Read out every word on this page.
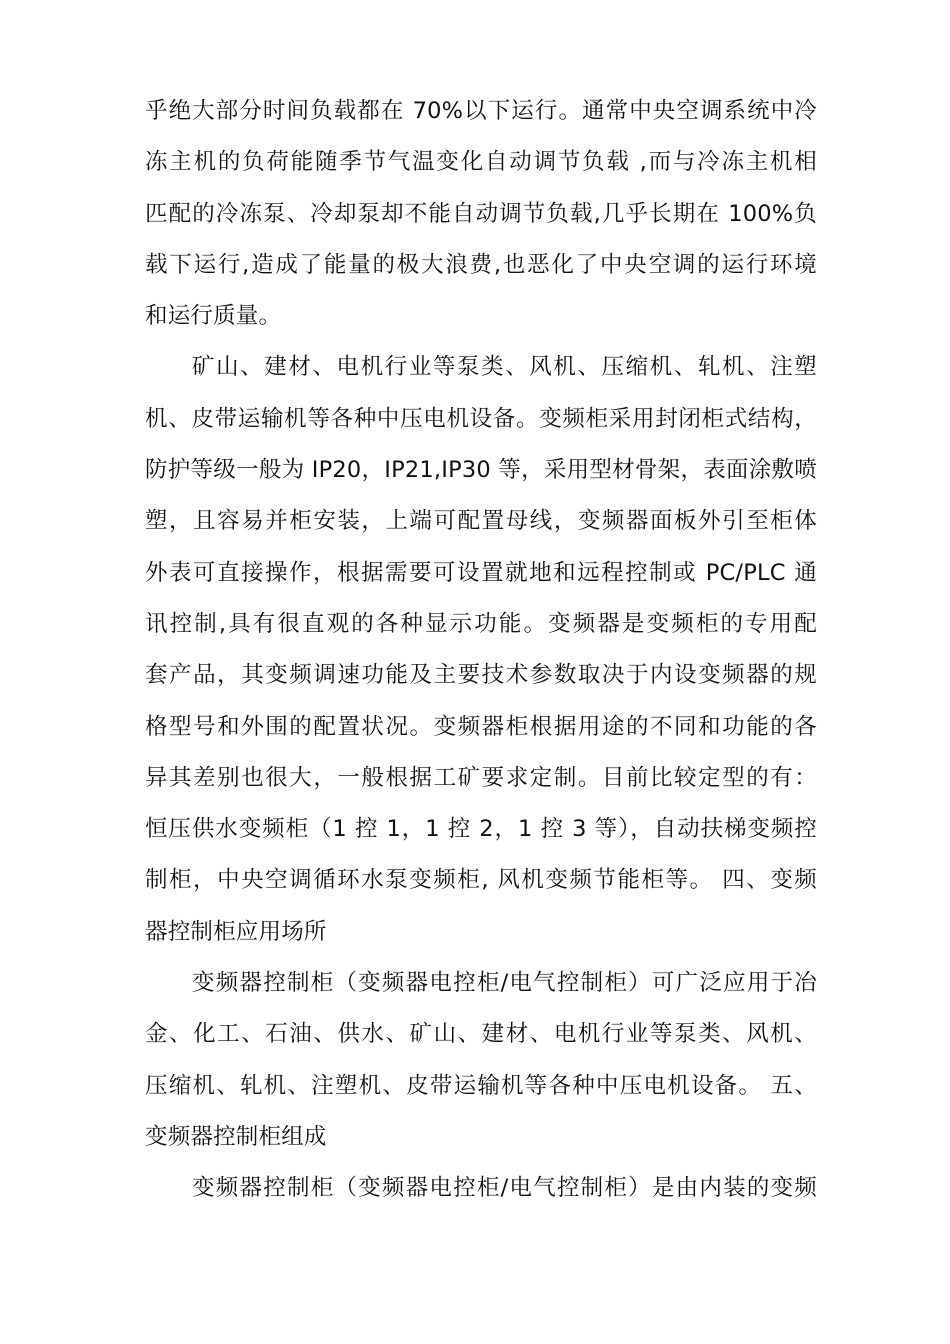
乎绝大部分时间负载都在 70%以下运行。通常中央空调系统中冷
冻主机的负荷能随季节气温变化自动调节负载 ,而与冷冻主机相
匹配的冷冻泵、冷却泵却不能自动调节负载,几乎长期在 100%负
载下运行,造成了能量的极大浪费,也恶化了中央空调的运行环境
和运行质量。
矿山、建材、电机行业等泵类、风机、压缩机、轧机、注塑
机、皮带运输机等各种中压电机设备。变频柜采用封闭柜式结构，
防护等级一般为 IP20，IP21,IP30 等，采用型材骨架，表面涂敷喷
塑，且容易并柜安装，上端可配置母线，变频器面板外引至柜体
外表可直接操作，根据需要可设置就地和远程控制或 PC/PLC 通
讯控制,具有很直观的各种显示功能。变频器是变频柜的专用配
套产品，其变频调速功能及主要技术参数取决于内设变频器的规
格型号和外围的配置状况。变频器柜根据用途的不同和功能的各
异其差别也很大，一般根据工矿要求定制。目前比较定型的有：
恒压供水变频柜（1 控 1，1 控 2，1 控 3 等），自动扶梯变频控
制柜，中央空调循环水泵变频柜, 风机变频节能柜等。 四、变频
器控制柜应用场所
变频器控制柜（变频器电控柜/电气控制柜）可广泛应用于冶
金、化工、石油、供水、矿山、建材、电机行业等泵类、风机、
压缩机、轧机、注塑机、皮带运输机等各种中压电机设备。 五、
变频器控制柜组成
变频器控制柜（变频器电控柜/电气控制柜）是由内装的变频
